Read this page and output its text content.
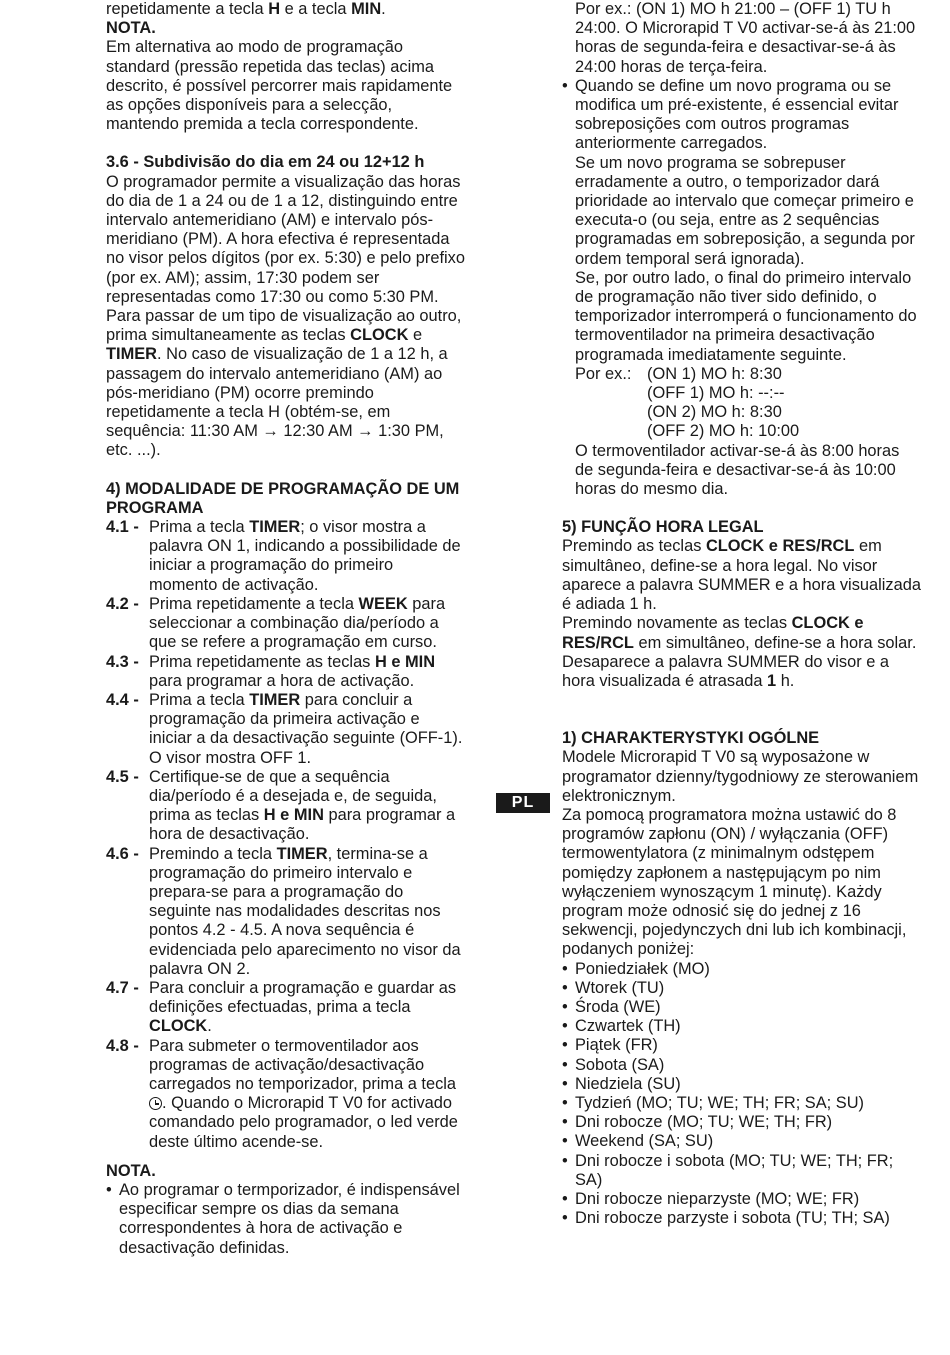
repetidamente a tecla H e a tecla MIN.

NOTA.

Em alternativa ao modo de programação standard (pressão repetida das teclas) acima descrito, é possível percorrer mais rapidamente as opções disponíveis para a selecção, mantendo premida a tecla correspondente.

3.6 - Subdivisão do dia em 24 ou 12+12 h

O programador permite a visualização das horas do dia de 1 a 24 ou de 1 a 12, distinguindo entre intervalo antemeridiano (AM) e intervalo pós-meridiano (PM). A hora efectiva é representada no visor pelos dígitos (por ex. 5:30) e pelo prefixo (por ex. AM); assim, 17:30 podem ser representadas como 17:30 ou como 5:30 PM.

Para passar de um tipo de visualização ao outro, prima simultaneamente as teclas CLOCK e TIMER. No caso de visualização de 1 a 12 h, a passagem do intervalo antemeridiano (AM) ao pós-meridiano (PM) ocorre premindo repetidamente a tecla H (obtém-se, em sequência: 11:30 AM → 12:30 AM → 1:30 PM, etc. ...).

4) MODALIDADE DE PROGRAMAÇÃO DE UM PROGRAMA

4.1 - Prima a tecla TIMER; o visor mostra a palavra ON 1, indicando a possibilidade de iniciar a programação do primeiro momento de activação.
4.2 - Prima repetidamente a tecla WEEK para seleccionar a combinação dia/período a que se refere a programação em curso.
4.3 - Prima repetidamente as teclas H e MIN para programar a hora de activação.
4.4 - Prima a tecla TIMER para concluir a programação da primeira activação e iniciar a da desactivação seguinte (OFF-1). O visor mostra OFF 1.
4.5 - Certifique-se de que a sequência dia/período é a desejada e, de seguida, prima as teclas H e MIN para programar a hora de desactivação.
4.6 - Premindo a tecla TIMER, termina-se a programação do primeiro intervalo e prepara-se para a programação do seguinte nas modalidades descritas nos pontos 4.2 - 4.5. A nova sequência é evidenciada pelo aparecimento no visor da palavra ON 2.
4.7 - Para concluir a programação e guardar as definições efectuadas, prima a tecla CLOCK.
4.8 - Para submeter o termoventilador aos programas de activação/desactivação carregados no temporizador, prima a tecla . Quando o Microrapid T V0 for activado comandado pelo programador, o led verde deste último acende-se.

NOTA.

• Ao programar o termporizador, é indispensável especificar sempre os dias da semana correspondentes à hora de activação e desactivação definidas.

Por ex.: (ON 1) MO h 21:00 – (OFF 1) TU h 24:00. O Microrapid T V0 activar-se-á às 21:00 horas de segunda-feira e desactivar-se-á às 24:00 horas de terça-feira.

• Quando se define um novo programa ou se modifica um pré-existente, é essencial evitar sobreposições com outros programas anteriormente carregados.

Se um novo programa se sobrepuser erradamente a outro, o temporizador dará prioridade ao intervalo que começar primeiro e executa-o (ou seja, entre as 2 sequências programadas em sobreposição, a segunda por ordem temporal será ignorada).

Se, por outro lado, o final do primeiro intervalo de programação não tiver sido definido, o temporizador interromperá o funcionamento do termoventilador na primeira desactivação programada imediatamente seguinte.

Por ex.: (ON 1) MO h: 8:30
(OFF 1) MO h: --:--
(ON 2) MO h: 8:30
(OFF 2) MO h: 10:00

O termoventilador activar-se-á às 8:00 horas de segunda-feira e desactivar-se-á às 10:00 horas do mesmo dia.

5) FUNÇÃO HORA LEGAL

Premindo as teclas CLOCK e RES/RCL em simultâneo, define-se a hora legal. No visor aparece a palavra SUMMER e a hora visualizada é adiada 1 h.

Premindo novamente as teclas CLOCK e RES/RCL em simultâneo, define-se a hora solar. Desaparece a palavra SUMMER do visor e a hora visualizada é atrasada 1 h.

1) CHARAKTERYSTYKI OGÓLNE

Modele Microrapid T V0 są wyposażone w programator dzienny/tygodniowy ze sterowaniem elektronicznym.

Za pomocą programatora można ustawić do 8 programów zapłonu (ON) / wyłączania (OFF) termowentylatora (z minimalnym odstępem pomiędzy zapłonem a następującym po nim wyłączeniem wynoszącym 1 minutę). Każdy program może odnosić się do jednej z 16 sekwencji, pojedynczych dni lub ich kombinacji, podanych poniżej:

• Poniedziałek (MO)
• Wtorek (TU)
• Środa (WE)
• Czwartek (TH)
• Piątek (FR)
• Sobota (SA)
• Niedziela (SU)
• Tydzień (MO; TU; WE; TH; FR; SA; SU)
• Dni robocze (MO; TU; WE; TH; FR)
• Weekend (SA; SU)
• Dni robocze i sobota (MO; TU; WE; TH; FR; SA)
• Dni robocze nieparzyste (MO; WE; FR)
• Dni robocze parzyste i sobota (TU; TH; SA)
PL
